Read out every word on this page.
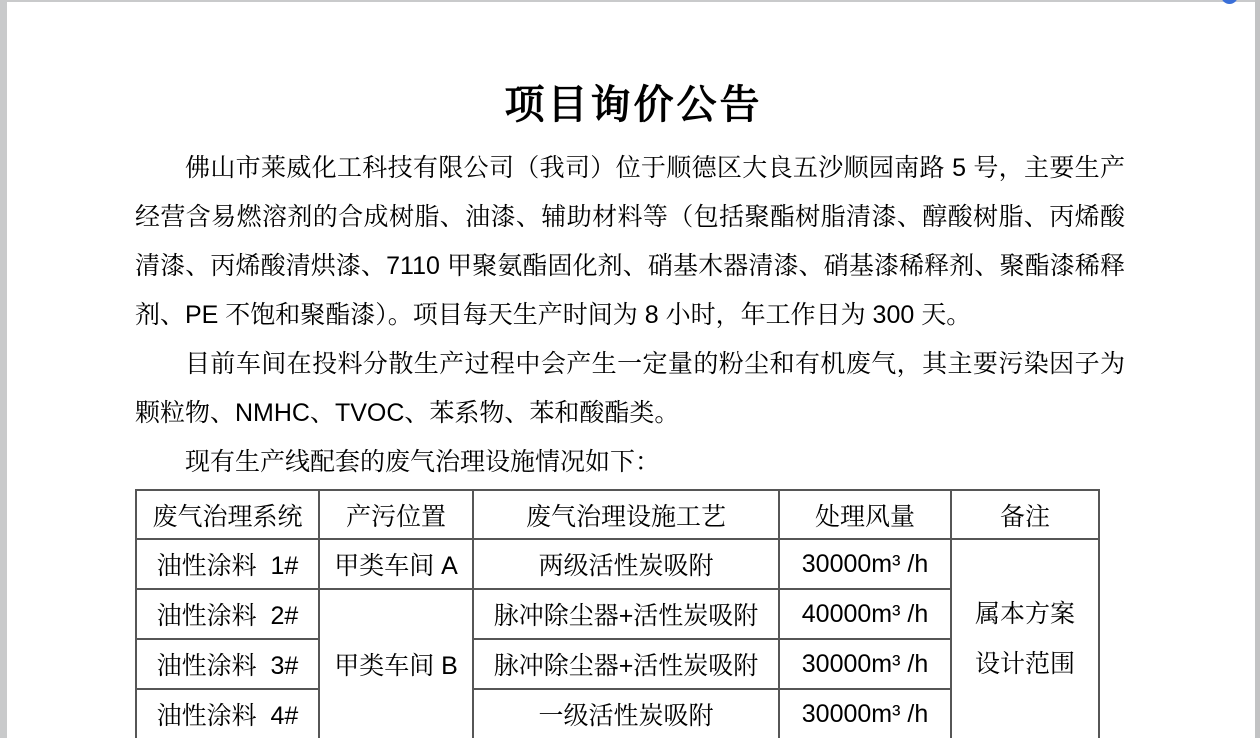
项目询价公告

佛山市莱威化工科技有限公司（我司）位于顺德区大良五沙顺园南路 5 号，主要生产经营含易燃溶剂的合成树脂、油漆、辅助材料等（包括聚酯树脂清漆、醇酸树脂、丙烯酸清漆、丙烯酸清烘漆、7110 甲聚氨酯固化剂、硝基木器清漆、硝基漆稀释剂、聚酯漆稀释剂、PE 不饱和聚酯漆）。项目每天生产时间为 8 小时，年工作日为 300 天。

目前车间在投料分散生产过程中会产生一定量的粉尘和有机废气，其主要污染因子为颗粒物、NMHC、TVOC、苯系物、苯和酸酯类。

现有生产线配套的废气治理设施情况如下：

废气治理系统	产污位置	废气治理设施工艺	处理风量	备注
油性涂料  1#	甲类车间 A	两级活性炭吸附	30000m³ /h	属本方案
设计范围

油性涂料  2#	甲类车间 B	脉冲除尘器+活性炭吸附	40000m³ /h	
油性涂料  3#		脉冲除尘器+活性炭吸附	30000m³ /h	
油性涂料  4#		一级活性炭吸附	30000m³ /h	
